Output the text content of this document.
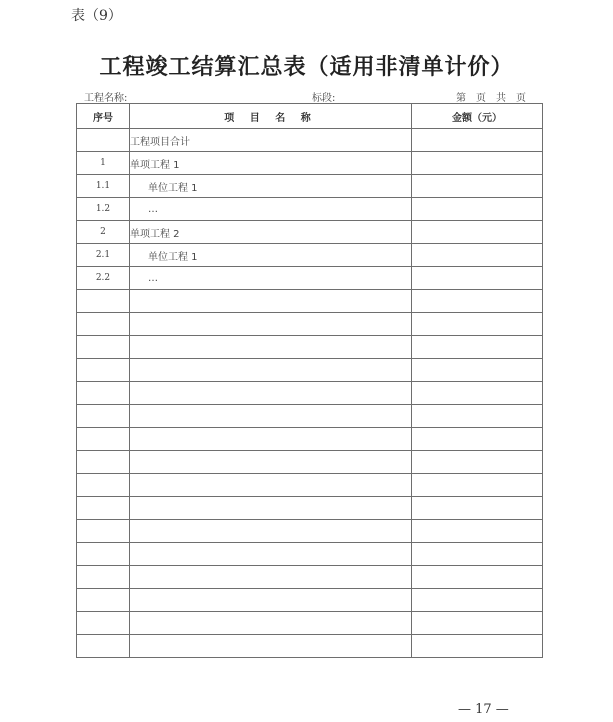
表（9）
工程竣工结算汇总表（适用非清单计价）
工程名称:	标段:	第 页 共 页
序号	项 目 名 称	金额（元）
	工程项目合计	
1	单项工程 1	
1.1	单位工程 1	
1.2	…	
2	单项工程 2	
2.1	单位工程 1	
2.2	…	

— 17 —
